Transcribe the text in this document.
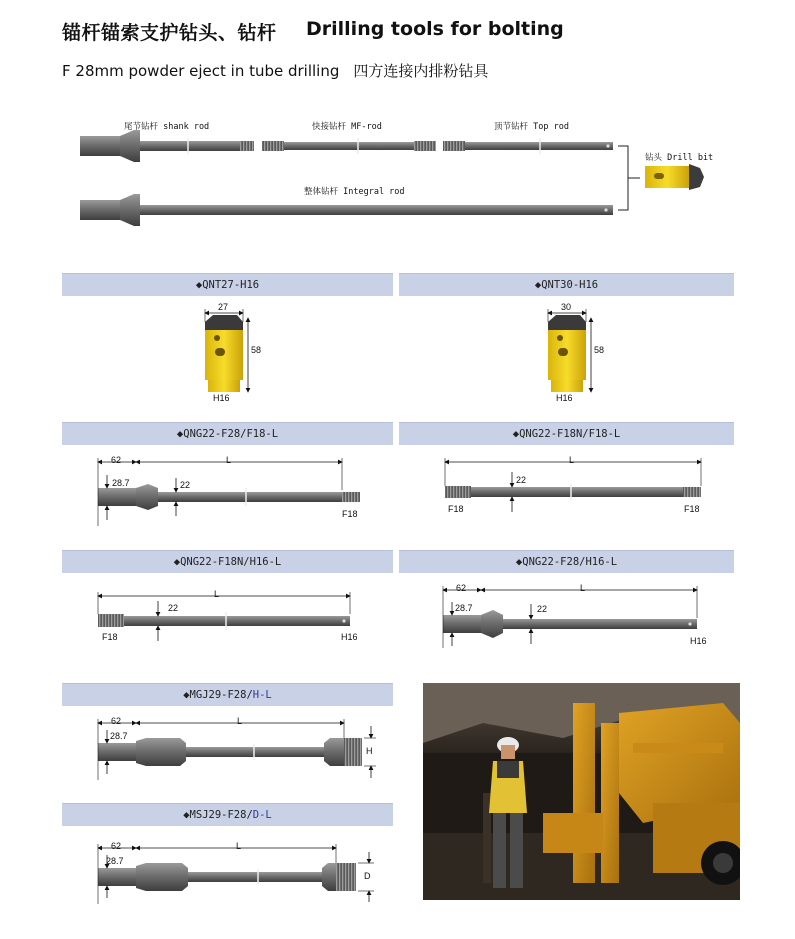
锚杆锚索支护钻头、钻杆 Drilling tools for bolting
F 28mm powder eject in tube drilling 四方连接内排粉钻具
尾节钻杆 shank rod	快接钻杆 MF-rod	顶节钻杆 Top rod
整体钻杆 Integral rod
钻头 Drill bit
◆QNT27-H16	◆QNT30-H16
◆QNG22-F28/F18-L	◆QNG22-F18N/F18-L
◆QNG22-F18N/H16-L	◆QNG22-F28/H16-L
◆MGJ29-F28/ H-L
◆MSJ29-F28/ D-L
27
58
H16
30
58
H16
62
28.7	22
L
F18
L
22
F18	F18
L
22
F18	H16
62
28.7	22
L
H16
62
28.7
L
H
62
28.7
L
D
